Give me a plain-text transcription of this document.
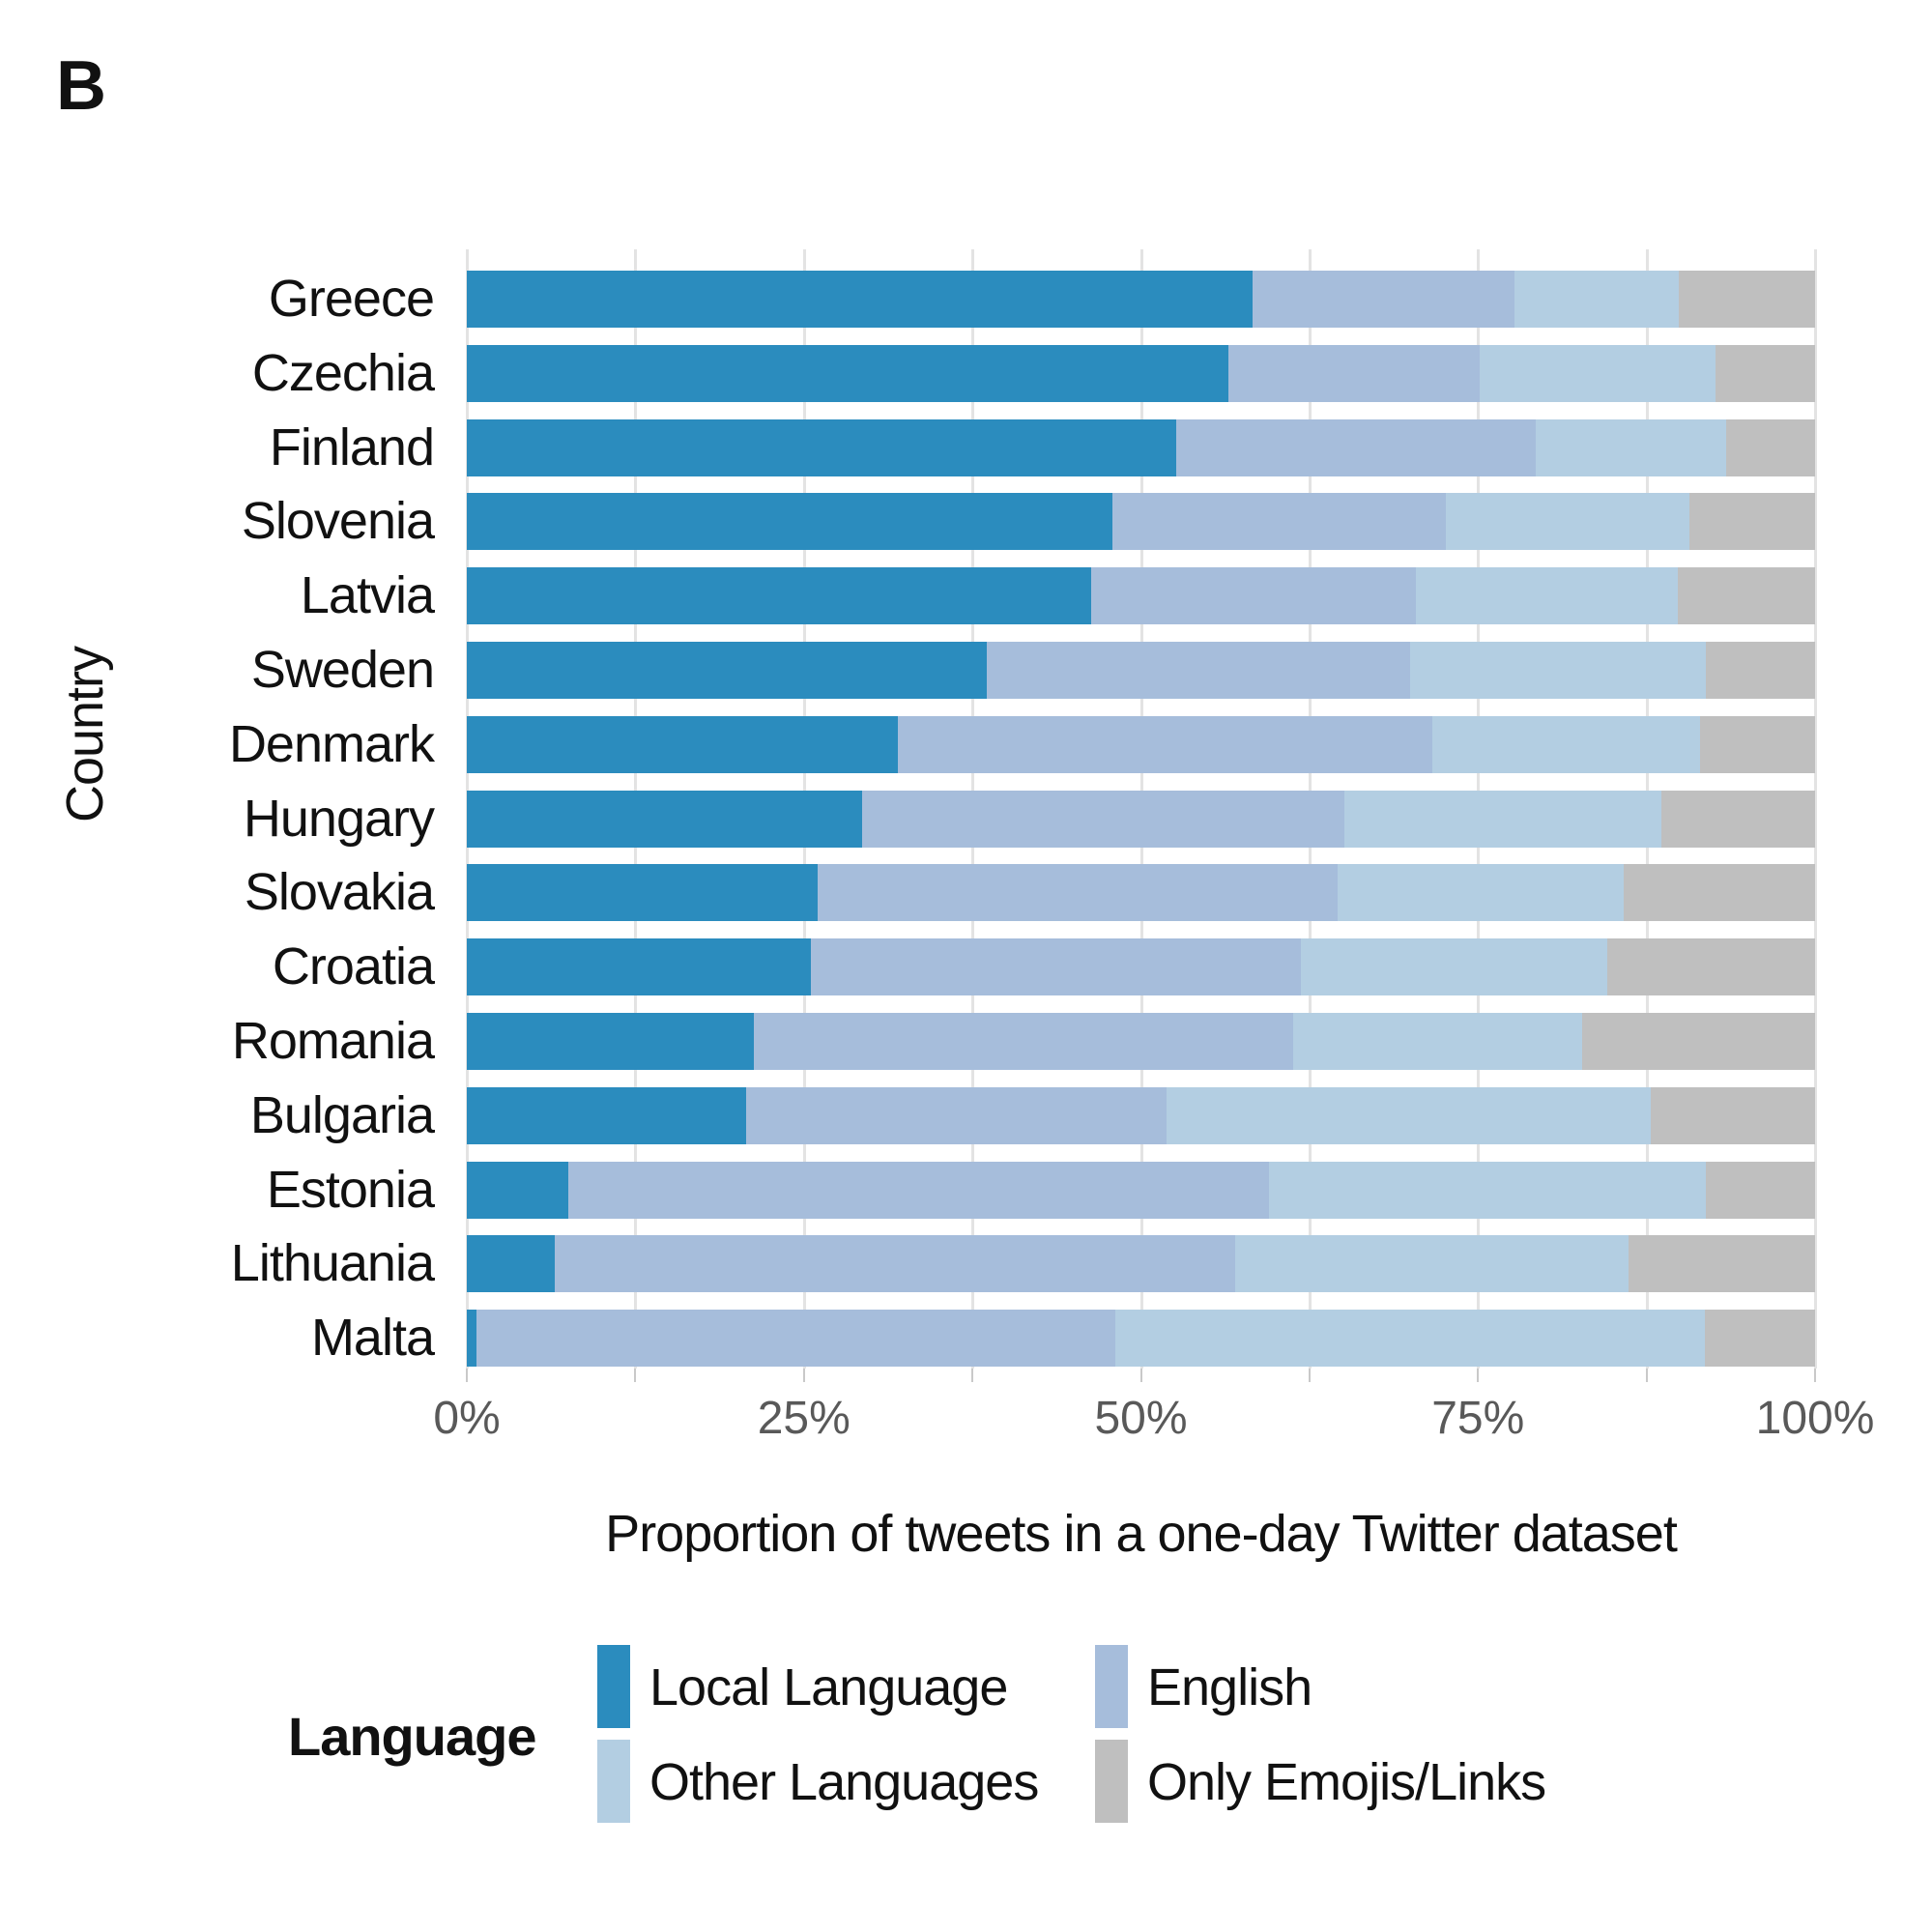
B
Country
Greece
Czechia
Finland
Slovenia
Latvia
Sweden
Denmark
Hungary
Slovakia
Croatia
Romania
Bulgaria
Estonia
Lithuania
Malta
0%	25%	50%	75%	100%
Proportion of tweets in a one-day Twitter dataset
Language
Local Language	English
Other Languages Only Emojis/Links
